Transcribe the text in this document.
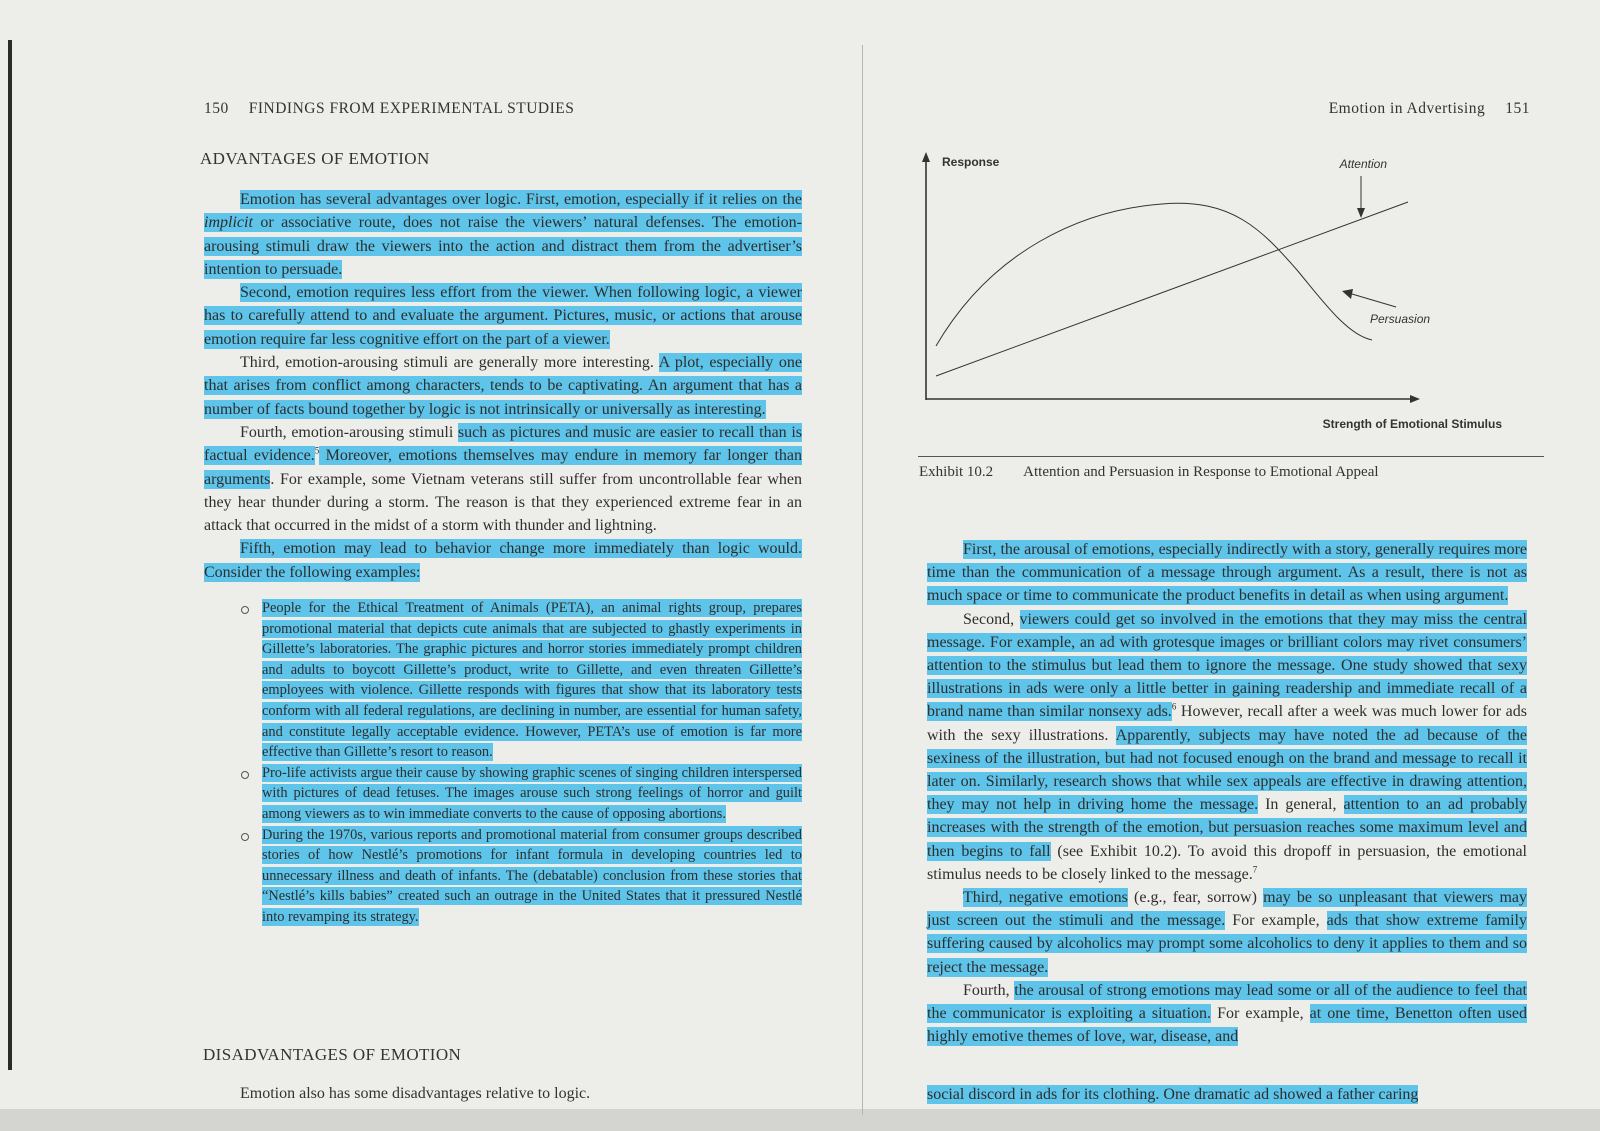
150 FINDINGS FROM EXPERIMENTAL STUDIES
ADVANTAGES OF EMOTION

Emotion has several advantages over logic. First, emotion, especially if it relies on the implicit or associative route, does not raise the viewers’ natural defenses. The emotion-arousing stimuli draw the viewers into the action and distract them from the advertiser’s intention to persuade.

Second, emotion requires less effort from the viewer. When following logic, a viewer has to carefully attend to and evaluate the argument. Pictures, music, or actions that arouse emotion require far less cognitive effort on the part of a viewer.

Third, emotion-arousing stimuli are generally more interesting. A plot, especially one that arises from conflict among characters, tends to be captivating. An argument that has a number of facts bound together by logic is not intrinsically or universally as interesting.

Fourth, emotion-arousing stimuli such as pictures and music are easier to recall than is factual evidence.$^5$ Moreover, emotions themselves may endure in memory far longer than arguments. For example, some Vietnam veterans still suffer from uncontrollable fear when they hear thunder during a storm. The reason is that they experienced extreme fear in an attack that occurred in the midst of a storm with thunder and lightning.

Fifth, emotion may lead to behavior change more immediately than logic would. Consider the following examples:

People for the Ethical Treatment of Animals (PETA), an animal rights group, prepares promotional material that depicts cute animals that are subjected to ghastly experiments in Gillette’s laboratories. The graphic pictures and horror stories immediately prompt children and adults to boycott Gillette’s product, write to Gillette, and even threaten Gillette’s employees with violence. Gillette responds with figures that show that its laboratory tests conform with all federal regulations, are declining in number, are essential for human safety, and constitute legally acceptable evidence. However, PETA’s use of emotion is far more effective than Gillette’s resort to reason.
Pro-life activists argue their cause by showing graphic scenes of singing children interspersed with pictures of dead fetuses. The images arouse such strong feelings of horror and guilt among viewers as to win immediate converts to the cause of opposing abortions.
During the 1970s, various reports and promotional material from consumer groups described stories of how Nestlé’s promotions for infant formula in developing countries led to unnecessary illness and death of infants. The (debatable) conclusion from these stories that “Nestlé’s kills babies” created such an outrage in the United States that it pressured Nestlé into revamping its strategy.
DISADVANTAGES OF EMOTION
Emotion also has some disadvantages relative to logic.
Emotion in Advertising 151
Response
Strength of Emotional Stimulus
Attention
Persuasion
Exhibit 10.2 Attention and Persuasion in Response to Emotional Appeal

First, the arousal of emotions, especially indirectly with a story, generally requires more time than the communication of a message through argument. As a result, there is not as much space or time to communicate the product benefits in detail as when using argument.

Second, viewers could get so involved in the emotions that they may miss the central message. For example, an ad with grotesque images or brilliant colors may rivet consumers’ attention to the stimulus but lead them to ignore the message. One study showed that sexy illustrations in ads were only a little better in gaining readership and immediate recall of a brand name than similar nonsexy ads.$^6$ However, recall after a week was much lower for ads with the sexy illustrations. Apparently, subjects may have noted the ad because of the sexiness of the illustration, but had not focused enough on the brand and message to recall it later on. Similarly, research shows that while sex appeals are effective in drawing attention, they may not help in driving home the message. In general, attention to an ad probably increases with the strength of the emotion, but persuasion reaches some maximum level and then begins to fall (see Exhibit 10.2). To avoid this dropoff in persuasion, the emotional stimulus needs to be closely linked to the message.$^7$

Third, negative emotions (e.g., fear, sorrow) may be so unpleasant that viewers may just screen out the stimuli and the message. For example, ads that show extreme family suffering caused by alcoholics may prompt some alcoholics to deny it applies to them and so reject the message.

Fourth, the arousal of strong emotions may lead some or all of the audience to feel that the communicator is exploiting a situation. For example, at one time, Benetton often used highly emotive themes of love, war, disease, and

social discord in ads for its clothing. One dramatic ad showed a father caring
